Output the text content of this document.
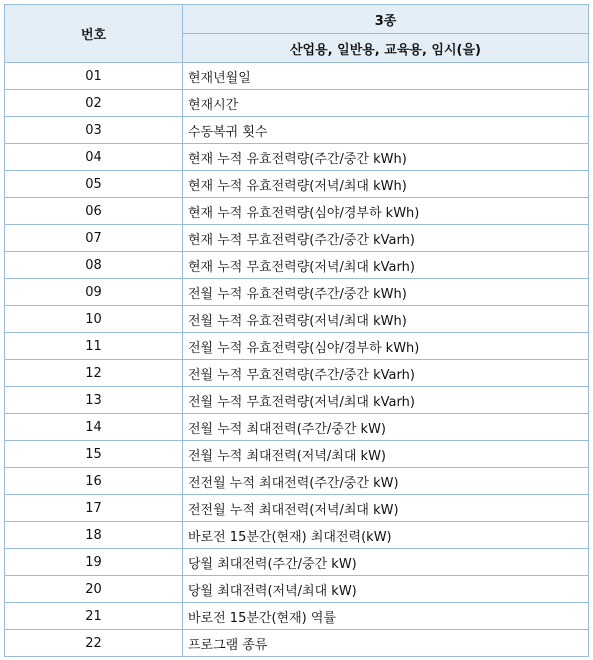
번호	3종
	산업용, 일반용, 교육용, 임시(을)
01	현재년월일
02	현재시간
03	수동복귀 횟수
04	현재 누적 유효전력량(주간/중간 kWh)
05	현재 누적 유효전력량(저녁/최대 kWh)
06	현재 누적 유효전력량(심야/경부하 kWh)
07	현재 누적 무효전력량(주간/중간 kVarh)
08	현재 누적 무효전력량(저녁/최대 kVarh)
09	전월 누적 유효전력량(주간/중간 kWh)
10	전월 누적 유효전력량(저녁/최대 kWh)
11	전월 누적 유효전력량(심야/경부하 kWh)
12	전월 누적 무효전력량(주간/중간 kVarh)
13	전월 누적 무효전력량(저녁/최대 kVarh)
14	전월 누적 최대전력(주간/중간 kW)
15	전월 누적 최대전력(저녁/최대 kW)
16	전전월 누적 최대전력(주간/중간 kW)
17	전전월 누적 최대전력(저녁/최대 kW)
18	바로전 15분간(현재) 최대전력(kW)
19	당월 최대전력(주간/중간 kW)
20	당월 최대전력(저녁/최대 kW)
21	바로전 15분간(현재) 역률
22	프로그램 종류
